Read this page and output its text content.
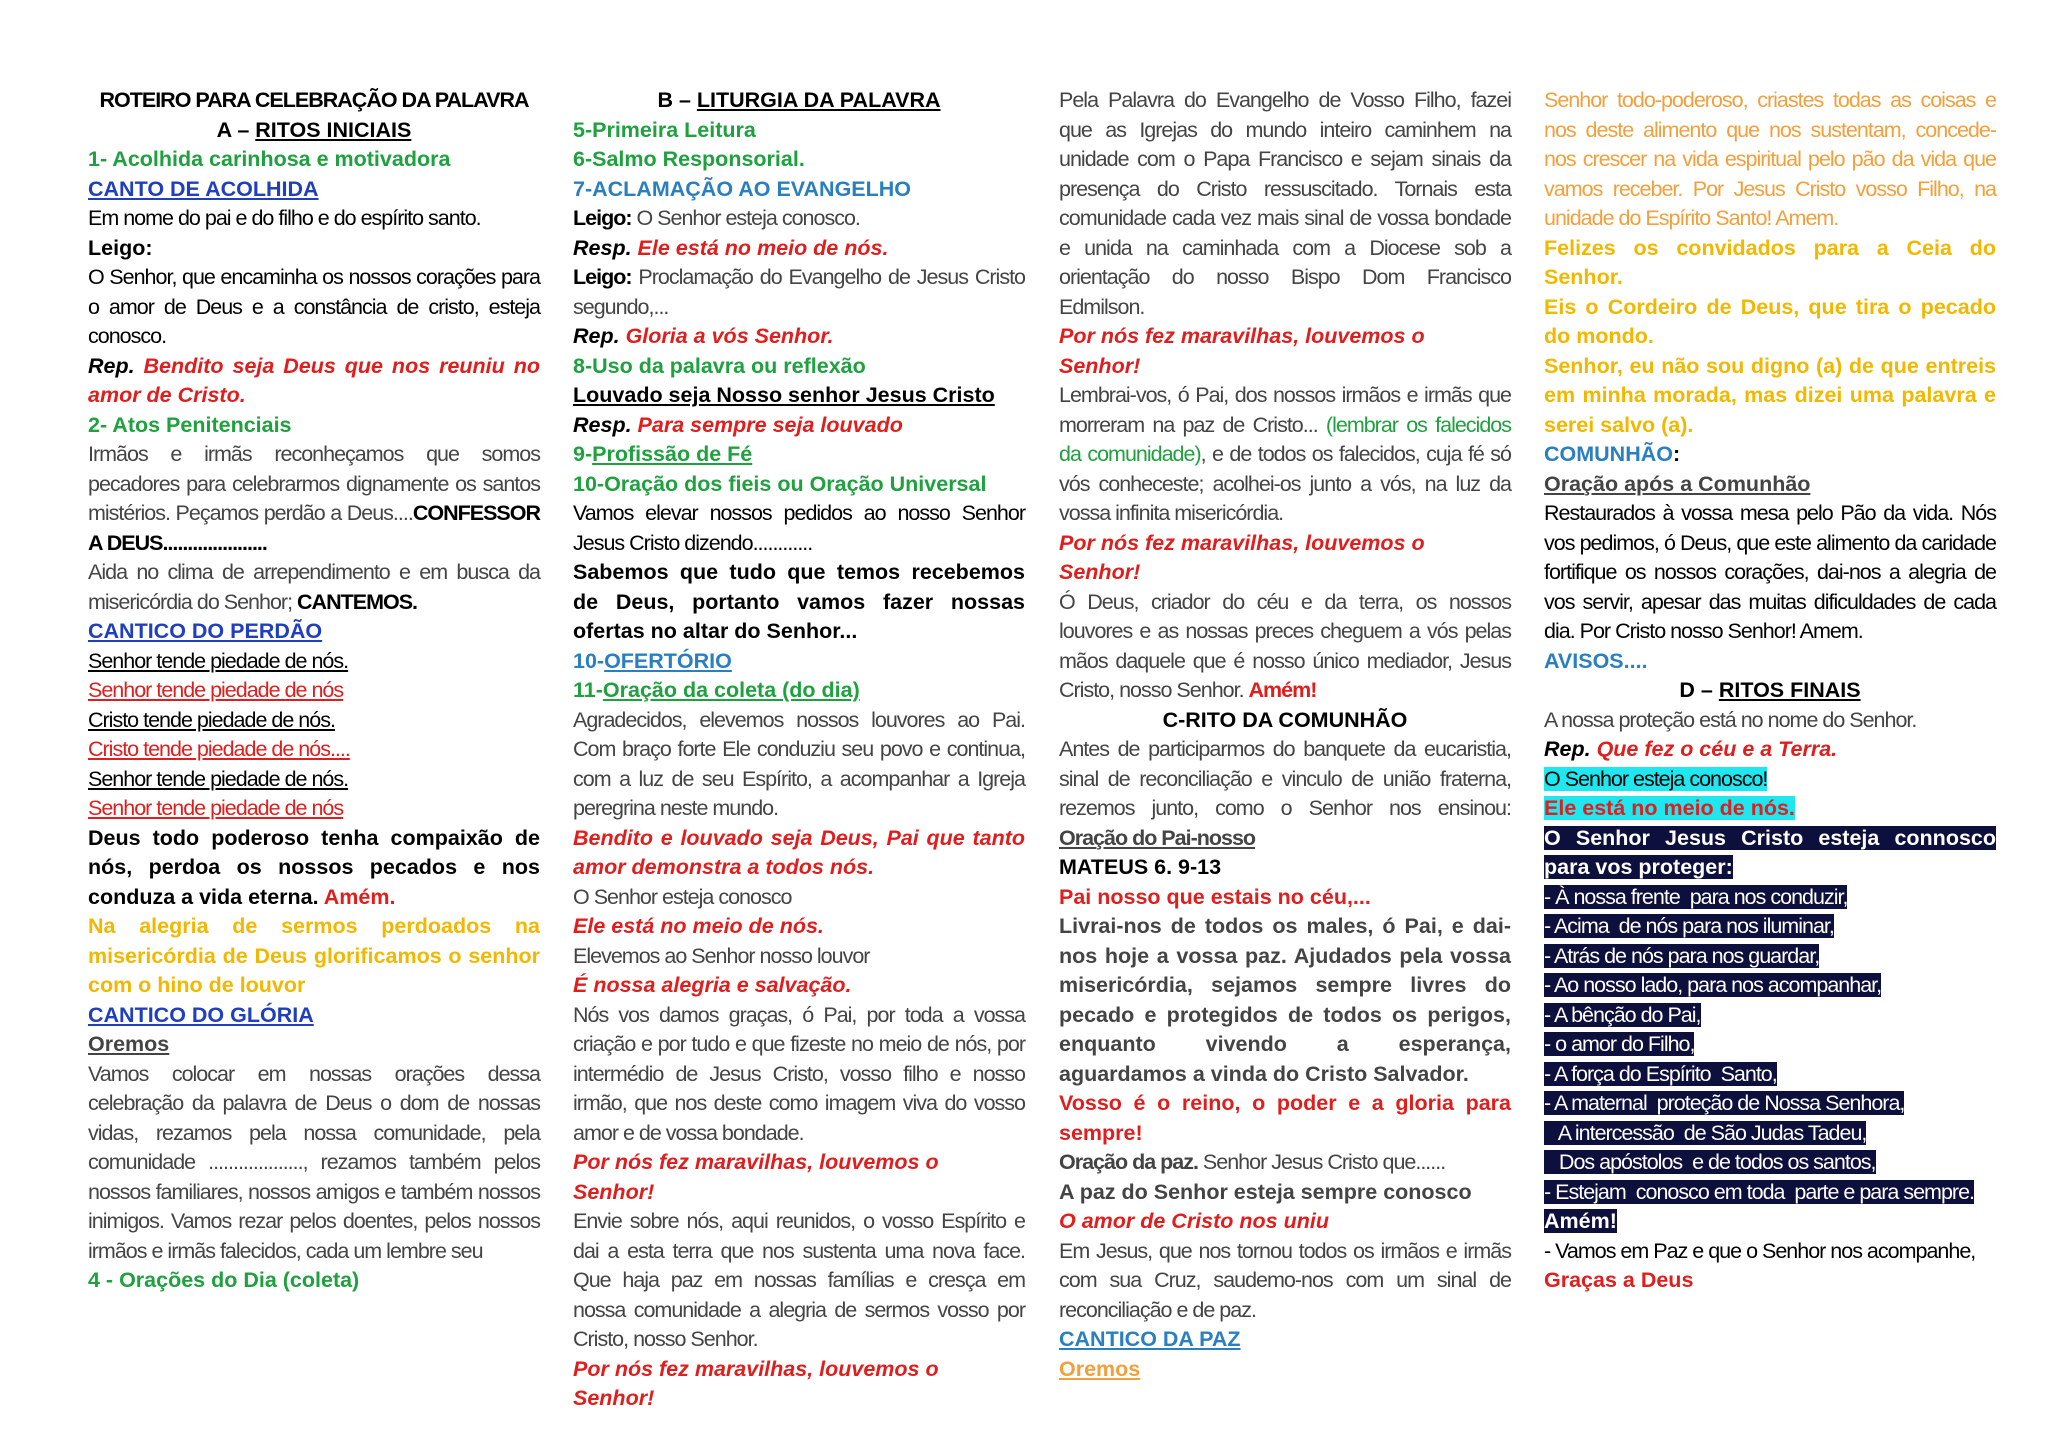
ROTEIRO PARA CELEBRAÇÃO DA PALAVRA

A – RITOS INICIAIS

1- Acolhida carinhosa e motivadora

CANTO DE ACOLHIDA

Em nome do pai e do filho e do espírito santo.

Leigo:

O Senhor, que encaminha os nossos corações para o amor de Deus e a constância de cristo, esteja conosco.

Rep. Bendito seja Deus que nos reuniu no amor de Cristo.

2- Atos Penitenciais

Irmãos e irmãs reconheçamos que somos pecadores para celebrarmos dignamente os santos mistérios. Peçamos perdão a Deus....CONFESSOR A DEUS.....................

Aida no clima de arrependimento e em busca da misericórdia do Senhor; CANTEMOS.

CANTICO DO PERDÃO

Senhor tende piedade de nós.

Senhor tende piedade de nós

Cristo tende piedade de nós.

Cristo tende piedade de nós....

Senhor tende piedade de nós.

Senhor tende piedade de nós

Deus todo poderoso tenha compaixão de nós, perdoa os nossos pecados e nos conduza a vida eterna. Amém.

Na alegria de sermos perdoados na misericórdia de Deus glorificamos o senhor com o hino de louvor

CANTICO DO GLÓRIA

Oremos

Vamos colocar em nossas orações dessa celebração da palavra de Deus o dom de nossas vidas, rezamos pela nossa comunidade, pela comunidade ..................., rezamos também pelos nossos familiares, nossos amigos e também nossos inimigos. Vamos rezar pelos doentes, pelos nossos irmãos e irmãs falecidos, cada um lembre seu

4 - Orações do Dia (coleta)

B – LITURGIA DA PALAVRA

5-Primeira Leitura

6-Salmo Responsorial.

7-ACLAMAÇÃO AO EVANGELHO

Leigo: O Senhor esteja conosco.

Resp. Ele está no meio de nós.

Leigo: Proclamação do Evangelho de Jesus Cristo segundo,...

Rep. Gloria a vós Senhor.

8-Uso da palavra ou reflexão

Louvado seja Nosso senhor Jesus Cristo

Resp. Para sempre seja louvado

9-Profissão de Fé

10-Oração dos fieis ou Oração Universal

Vamos elevar nossos pedidos ao nosso Senhor Jesus Cristo dizendo............

Sabemos que tudo que temos recebemos de Deus, portanto vamos fazer nossas ofertas no altar do Senhor...

10-OFERTÓRIO

11-Oração da coleta (do dia)

Agradecidos, elevemos nossos louvores ao Pai. Com braço forte Ele conduziu seu povo e continua, com a luz de seu Espírito, a acompanhar a Igreja peregrina neste mundo.

Bendito e louvado seja Deus, Pai que tanto amor demonstra a todos nós.

O Senhor esteja conosco

Ele está no meio de nós.

Elevemos ao Senhor nosso louvor

É nossa alegria e salvação.

Nós vos damos graças, ó Pai, por toda a vossa criação e por tudo e que fizeste no meio de nós, por intermédio de Jesus Cristo, vosso filho e nosso irmão, que nos deste como imagem viva do vosso amor e de vossa bondade.

Por nós fez maravilhas, louvemos o Senhor!

Envie sobre nós, aqui reunidos, o vosso Espírito e dai a esta terra que nos sustenta uma nova face. Que haja paz em nossas famílias e cresça em nossa comunidade a alegria de sermos vosso por Cristo, nosso Senhor.

Por nós fez maravilhas, louvemos o Senhor!

Pela Palavra do Evangelho de Vosso Filho, fazei que as Igrejas do mundo inteiro caminhem na unidade com o Papa Francisco e sejam sinais da presença do Cristo ressuscitado. Tornais esta comunidade cada vez mais sinal de vossa bondade e unida na caminhada com a Diocese sob a orientação do nosso Bispo Dom Francisco Edmilson.

Por nós fez maravilhas, louvemos o Senhor!

Lembrai-vos, ó Pai, dos nossos irmãos e irmãs que morreram na paz de Cristo... (lembrar os falecidos da comunidade), e de todos os falecidos, cuja fé só vós conheceste; acolhei-os junto a vós, na luz da vossa infinita misericórdia.

Por nós fez maravilhas, louvemos o Senhor!

Ó Deus, criador do céu e da terra, os nossos louvores e as nossas preces cheguem a vós pelas mãos daquele que é nosso único mediador, Jesus Cristo, nosso Senhor. Amém!

C-RITO DA COMUNHÃO

Antes de participarmos do banquete da eucaristia, sinal de reconciliação e vinculo de união fraterna, rezemos junto, como o Senhor nos ensinou: Oração do Pai-nosso

MATEUS 6. 9-13

Pai nosso que estais no céu,...

Livrai-nos de todos os males, ó Pai, e dai-nos hoje a vossa paz. Ajudados pela vossa misericórdia, sejamos sempre livres do pecado e protegidos de todos os perigos, enquanto vivendo a esperança, aguardamos a vinda do Cristo Salvador.

Vosso é o reino, o poder e a gloria para sempre!

Oração da paz. Senhor Jesus Cristo que......

A paz do Senhor esteja sempre conosco

O amor de Cristo nos uniu

Em Jesus, que nos tornou todos os irmãos e irmãs com sua Cruz, saudemo-nos com um sinal de reconciliação e de paz.

CANTICO DA PAZ

Oremos

Senhor todo-poderoso, criastes todas as coisas e nos deste alimento que nos sustentam, concede-nos crescer na vida espiritual pelo pão da vida que vamos receber. Por Jesus Cristo vosso Filho, na unidade do Espírito Santo! Amem.

Felizes os convidados para a Ceia do Senhor.

Eis o Cordeiro de Deus, que tira o pecado do mondo.

Senhor, eu não sou digno (a) de que entreis em minha morada, mas dizei uma palavra e serei salvo (a).

COMUNHÃO:

Oração após a Comunhão

Restaurados à vossa mesa pelo Pão da vida. Nós vos pedimos, ó Deus, que este alimento da caridade fortifique os nossos corações, dai-nos a alegria de vos servir, apesar das muitas dificuldades de cada dia. Por Cristo nosso Senhor! Amem.

AVISOS....

D – RITOS FINAIS

A nossa proteção está no nome do Senhor.

Rep. Que fez o céu e a Terra.

O Senhor esteja conosco!

Ele está no meio de nós.

O Senhor Jesus Cristo esteja connosco para vos proteger:

- À nossa frente  para nos conduzir,

- Acima  de nós para nos iluminar,

- Atrás de nós para nos guardar,

- Ao nosso lado, para nos acompanhar,

- A bênção do Pai,

- o amor do Filho,

- A força do Espírito  Santo,

- A maternal  proteção de Nossa Senhora,

A intercessão  de São Judas Tadeu,

Dos apóstolos  e de todos os santos,

- Estejam  conosco em toda  parte e para sempre.

Amém!

- Vamos em Paz e que o Senhor nos acompanhe,

Graças a Deus
